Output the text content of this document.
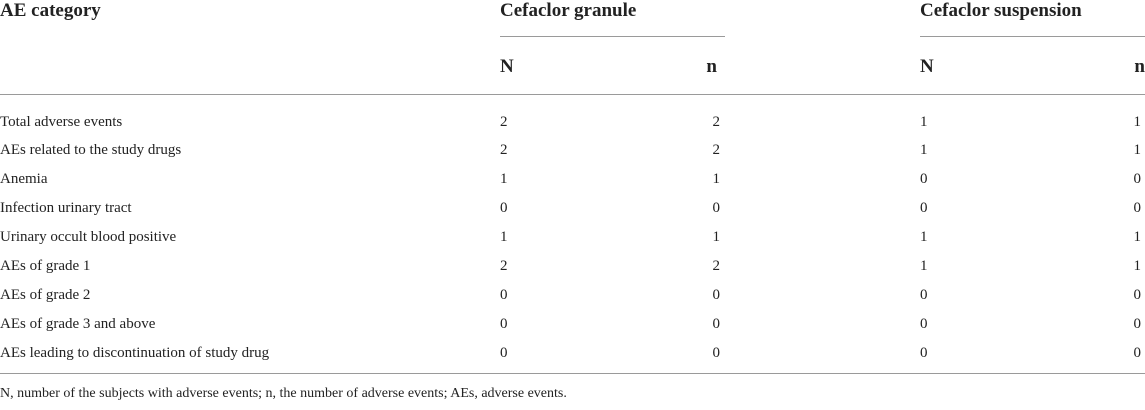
AE category	Cefaclor granule	Cefaclor suspension
N	n	N	n
Total adverse events	2	2	1	1
AEs related to the study drugs	2	2	1	1
Anemia	1	1	0	0
Infection urinary tract	0	0	0	0
Urinary occult blood positive	1	1	1	1
AEs of grade 1	2	2	1	1
AEs of grade 2	0	0	0	0
AEs of grade 3 and above	0	0	0	0
AEs leading to discontinuation of study drug	0	0	0	0
N, number of the subjects with adverse events; n, the number of adverse events; AEs, adverse events.
